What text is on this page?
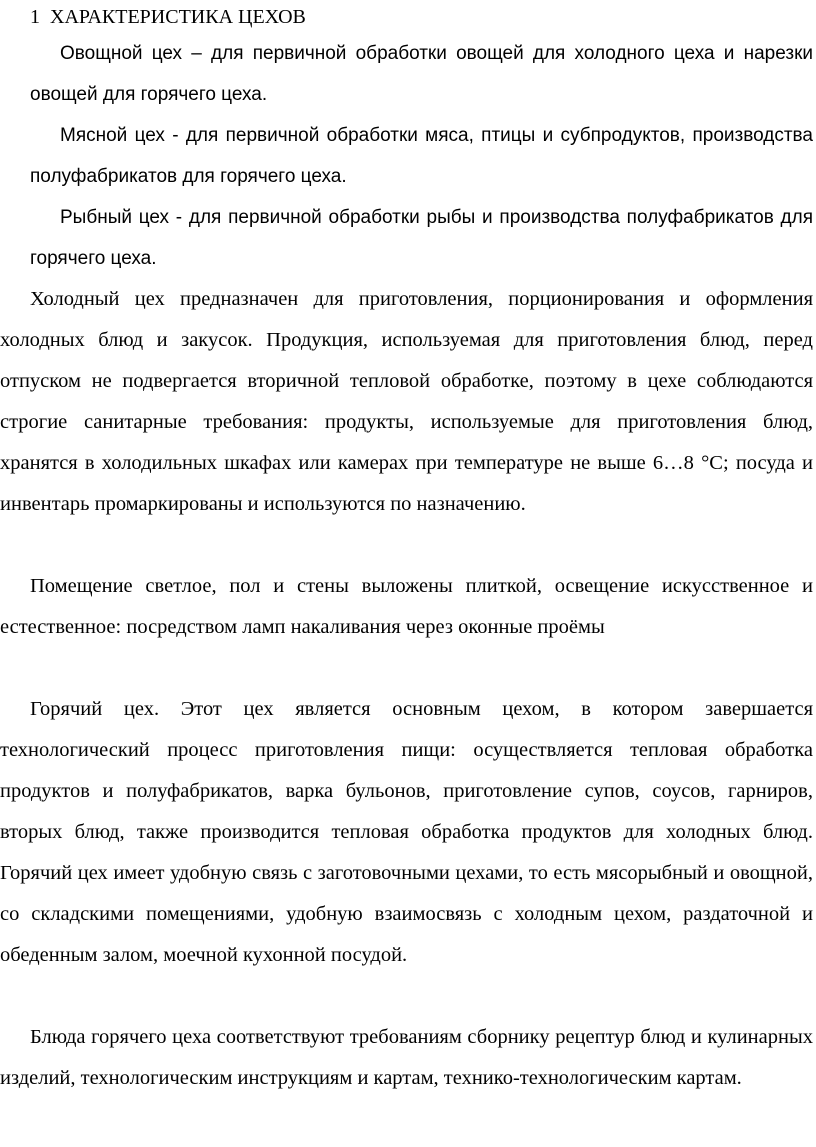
1 ХАРАКТЕРИСТИКА ЦЕХОВ

Овощной цех – для первичной обработки овощей для холодного цеха и нарезки овощей для горячего цеха.

Мясной цех - для первичной обработки мяса, птицы и субпродуктов, производства полуфабрикатов для горячего цеха.

Рыбный цех - для первичной обработки рыбы и производства полуфабрикатов для горячего цеха.

Холодный цех предназначен для приготовления, порционирования и оформления холодных блюд и закусок. Продукция, используемая для приготовления блюд, перед отпуском не подвергается вторичной тепловой обработке, поэтому в цехе соблюдаются строгие санитарные требования: продукты, используемые для приготовления блюд, хранятся в холодильных шкафах или камерах при температуре не выше 6…8 °С; посуда и инвентарь промаркированы и используются по назначению.

Помещение светлое, пол и стены выложены плиткой, освещение искусственное и естественное: посредством ламп накаливания через оконные проёмы

Горячий цех. Этот цех является основным цехом, в котором завершается технологический процесс приготовления пищи: осуществляется тепловая обработка продуктов и полуфабрикатов, варка бульонов, приготовление супов, соусов, гарниров, вторых блюд, также производится тепловая обработка продуктов для холодных блюд. Горячий цех имеет удобную связь с заготовочными цехами, то есть мясорыбный и овощной, со складскими помещениями, удобную взаимосвязь с холодным цехом, раздаточной и обеденным залом, моечной кухонной посудой.

Блюда горячего цеха соответствуют требованиям сборнику рецептур блюд и кулинарных изделий, технологическим инструкциям и картам, технико-технологическим картам.
